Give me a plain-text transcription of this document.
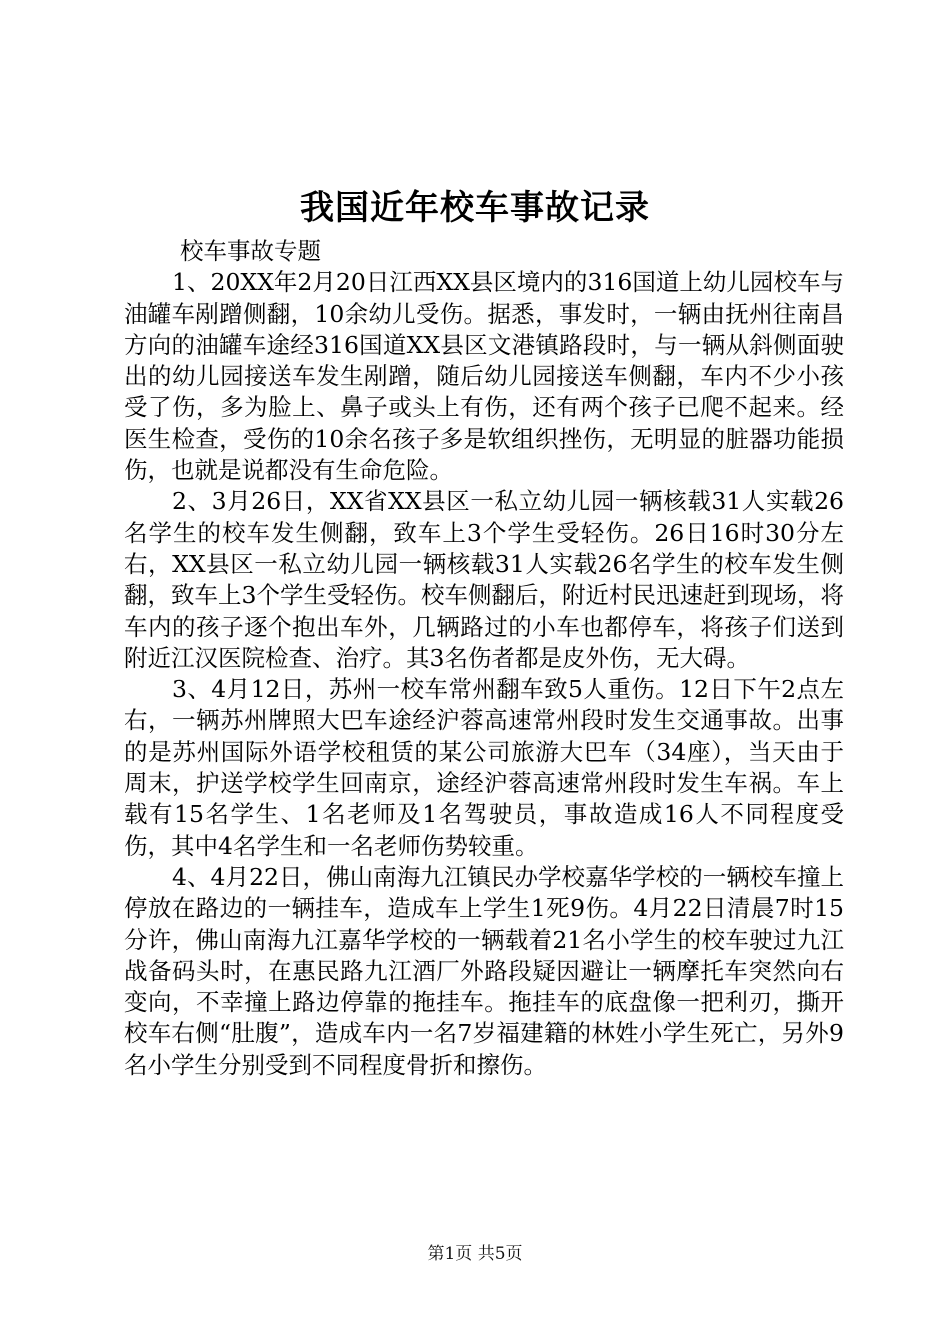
我国近年校车事故记录

校车事故专题

1、20XX年2月20日江西XX县区境内的316国道上幼儿园校车与油罐车剐蹭侧翻，10余幼儿受伤。据悉，事发时，一辆由抚州往南昌方向的油罐车途经316国道XX县区文港镇路段时，与一辆从斜侧面驶出的幼儿园接送车发生剐蹭，随后幼儿园接送车侧翻，车内不少小孩受了伤，多为脸上、鼻子或头上有伤，还有两个孩子已爬不起来。经医生检查，受伤的10余名孩子多是软组织挫伤，无明显的脏器功能损伤，也就是说都没有生命危险。

2、3月26日，XX省XX县区一私立幼儿园一辆核载31人实载26名学生的校车发生侧翻，致车上3个学生受轻伤。26日16时30分左右，XX县区一私立幼儿园一辆核载31人实载26名学生的校车发生侧翻，致车上3个学生受轻伤。校车侧翻后，附近村民迅速赶到现场，将车内的孩子逐个抱出车外，几辆路过的小车也都停车，将孩子们送到附近江汉医院检查、治疗。其3名伤者都是皮外伤，无大碍。

3、4月12日，苏州一校车常州翻车致5人重伤。12日下午2点左右，一辆苏州牌照大巴车途经沪蓉高速常州段时发生交通事故。出事的是苏州国际外语学校租赁的某公司旅游大巴车（34座），当天由于周末，护送学校学生回南京，途经沪蓉高速常州段时发生车祸。车上载有15名学生、1名老师及1名驾驶员，事故造成16人不同程度受伤，其中4名学生和一名老师伤势较重。

4、4月22日，佛山南海九江镇民办学校嘉华学校的一辆校车撞上停放在路边的一辆挂车，造成车上学生1死9伤。4月22日清晨7时15分许，佛山南海九江嘉华学校的一辆载着21名小学生的校车驶过九江战备码头时，在惠民路九江酒厂外路段疑因避让一辆摩托车突然向右变向，不幸撞上路边停靠的拖挂车。拖挂车的底盘像一把利刃，撕开校车右侧“肚腹”，造成车内一名7岁福建籍的林姓小学生死亡，另外9名小学生分别受到不同程度骨折和擦伤。

第1页 共5页
